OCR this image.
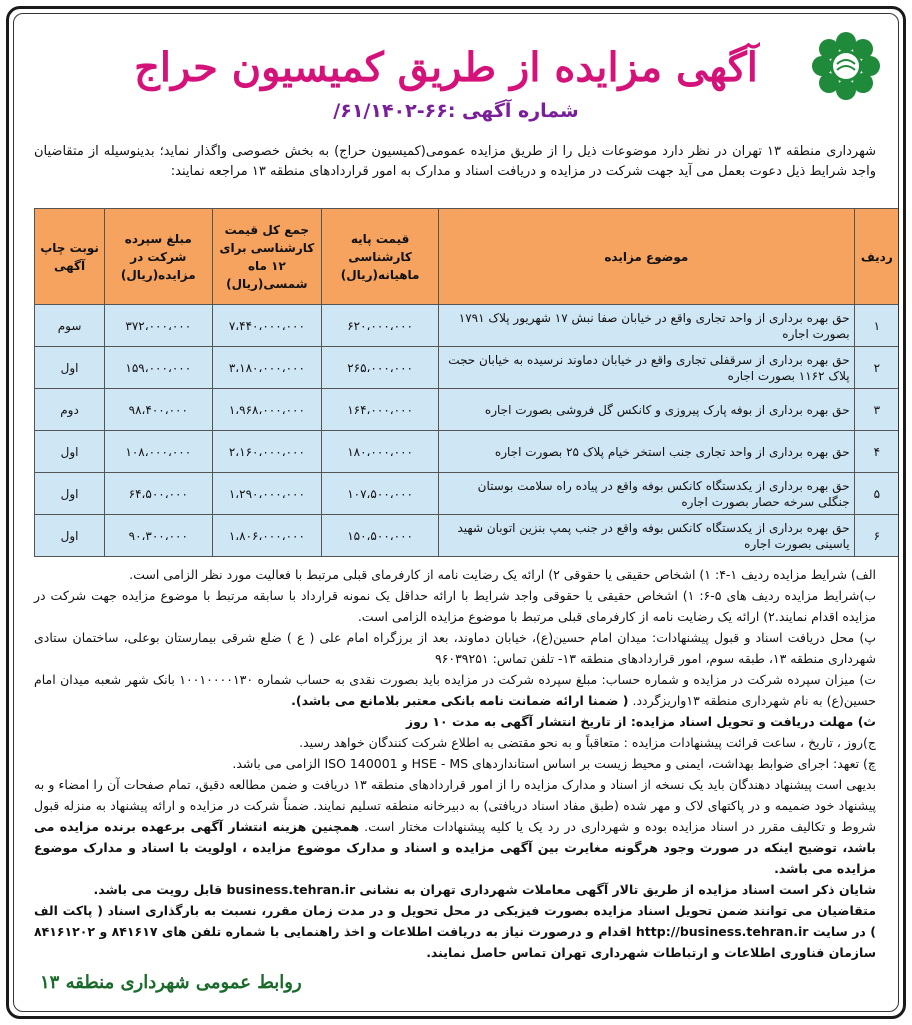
آگهی مزایده از طریق کمیسیون حراج
شماره آگهی :۶۶-۶۱/۱۴۰۲/
شهرداری منطقه ۱۳ تهران در نظر دارد موضوعات ذیل را از طریق مزایده عمومی(کمیسیون حراج) به بخش خصوصی واگذار نماید؛ بدینوسیله از متقاضیان واجد شرایط ذیل دعوت بعمل می آید جهت شرکت در مزایده و دریافت اسناد و مدارک به امور قراردادهای منطقه ۱۳ مراجعه نمایند:
ردیف	موضوع مزایده	قیمت پایه کارشناسی ماهیانه(ریال)	جمع کل قیمت کارشناسی برای ۱۲ ماه شمسی(ریال)	مبلغ سپرده شرکت در مزایده(ریال)	نوبت چاپ آگهی
۱	حق بهره برداری از واحد تجاری واقع در خیابان صفا نبش ۱۷ شهریور پلاک ۱۷۹۱ بصورت اجاره	۶۲۰،۰۰۰،۰۰۰	۷،۴۴۰،۰۰۰،۰۰۰	۳۷۲،۰۰۰،۰۰۰	سوم
۲	حق بهره برداری از سرقفلی تجاری واقع در خیابان دماوند نرسیده به خیابان حجت پلاک ۱۱۶۲ بصورت اجاره	۲۶۵،۰۰۰،۰۰۰	۳،۱۸۰،۰۰۰،۰۰۰	۱۵۹،۰۰۰،۰۰۰	اول
۳	حق بهره برداری از بوفه پارک پیروزی و کانکس گل فروشی بصورت اجاره	۱۶۴،۰۰۰،۰۰۰	۱،۹۶۸،۰۰۰،۰۰۰	۹۸،۴۰۰،۰۰۰	دوم
۴	حق بهره برداری از واحد تجاری جنب استخر خیام پلاک ۲۵ بصورت اجاره	۱۸۰،۰۰۰،۰۰۰	۲،۱۶۰،۰۰۰،۰۰۰	۱۰۸،۰۰۰،۰۰۰	اول
۵	حق بهره برداری از یکدستگاه کانکس بوفه واقع در پیاده راه سلامت بوستان جنگلی سرخه حصار بصورت اجاره	۱۰۷،۵۰۰،۰۰۰	۱،۲۹۰،۰۰۰،۰۰۰	۶۴،۵۰۰،۰۰۰	اول
۶	حق بهره برداری از یکدستگاه کانکس بوفه واقع در جنب پمپ بنزین اتوبان شهید یاسینی بصورت اجاره	۱۵۰،۵۰۰،۰۰۰	۱،۸۰۶،۰۰۰،۰۰۰	۹۰،۳۰۰،۰۰۰	اول

الف) شرایط مزایده ردیف ۱-۴: ۱) اشخاص حقیقی یا حقوقی ۲) ارائه یک رضایت نامه از کارفرمای قبلی مرتبط با فعالیت مورد نظر الزامی است.

ب)شرایط مزایده ردیف های ۵-۶: ۱) اشخاص حقیقی یا حقوقی واجد شرایط با ارائه حداقل یک نمونه قرارداد با سابقه مرتبط با موضوع مزایده جهت شرکت در مزایده اقدام نمایند.۲) ارائه یک رضایت نامه از کارفرمای قبلی مرتبط با موضوع مزایده الزامی است.

پ) محل دریافت اسناد و قبول پیشنهادات: میدان امام حسین(ع)، خیابان دماوند، بعد از برزگراه امام علی ( ع ) ضلع شرقی بیمارستان بوعلی، ساختمان ستادی شهرداری منطقه ۱۳، طبقه سوم، امور قراردادهای منطقه ۱۳- تلفن تماس: ۹۶۰۳۹۲۵۱

ت) میزان سپرده شرکت در مزایده و شماره حساب: مبلغ سپرده شرکت در مزایده باید بصورت نقدی به حساب شماره ۱۰۰۱۰۰۰۰۱۳۰ بانک شهر شعبه میدان امام حسین(ع) به نام شهرداری منطقه ۱۳واریزگردد. ( ضمنا ارائه ضمانت نامه بانکی معتبر بلامانع می باشد).

ث) مهلت دریافت و تحویل اسناد مزایده: از تاریخ انتشار آگهی به مدت ۱۰ روز

ج)روز ، تاریخ ، ساعت قرائت پیشنهادات مزایده : متعاقباً و به نحو مقتضی به اطلاع شرکت کنندگان خواهد رسید.

چ) تعهد: اجرای ضوابط بهداشت، ایمنی و محیط زیست بر اساس استانداردهای HSE - MS و ISO 140001 الزامی می باشد.

بدیهی است پیشنهاد دهندگان باید یک نسخه از اسناد و مدارک مزایده را از امور قراردادهای منطقه ۱۳ دریافت و ضمن مطالعه دقیق، تمام صفحات آن را امضاء و به پیشنهاد خود ضمیمه و در پاکتهای لاک و مهر شده (طبق مفاد اسناد دریافتی) به دبیرخانه منطقه تسلیم نمایند. ضمناً شرکت در مزایده و ارائه پیشنهاد به منزله قبول شروط و تکالیف مقرر در اسناد مزایده بوده و شهرداری در رد یک یا کلیه پیشنهادات مختار است. همچنین هزینه انتشار آگهی برعهده برنده مزایده می باشد، توضیح اینکه در صورت وجود هرگونه مغایرت بین آگهی مزایده و اسناد و مدارک موضوع مزایده ، اولویت با اسناد و مدارک موضوع مزایده می باشد.

شایان ذکر است اسناد مزایده از طریق تالار آگهی معاملات شهرداری تهران به نشانی business.tehran.ir قابل رویت می باشد.

متقاضیان می توانند ضمن تحویل اسناد مزایده بصورت فیزیکی در محل تحویل و در مدت زمان مقرر، نسبت به بارگذاری اسناد ( پاکت الف ) در سایت http://business.tehran.ir اقدام و درصورت نیاز به دریافت اطلاعات و اخذ راهنمایی با شماره تلفن های ۸۴۱۶۱۷ و ۸۴۱۶۱۲۰۲ سازمان فناوری اطلاعات و ارتباطات شهرداری تهران تماس حاصل نمایند.

روابط عمومی شهرداری منطقه ۱۳
